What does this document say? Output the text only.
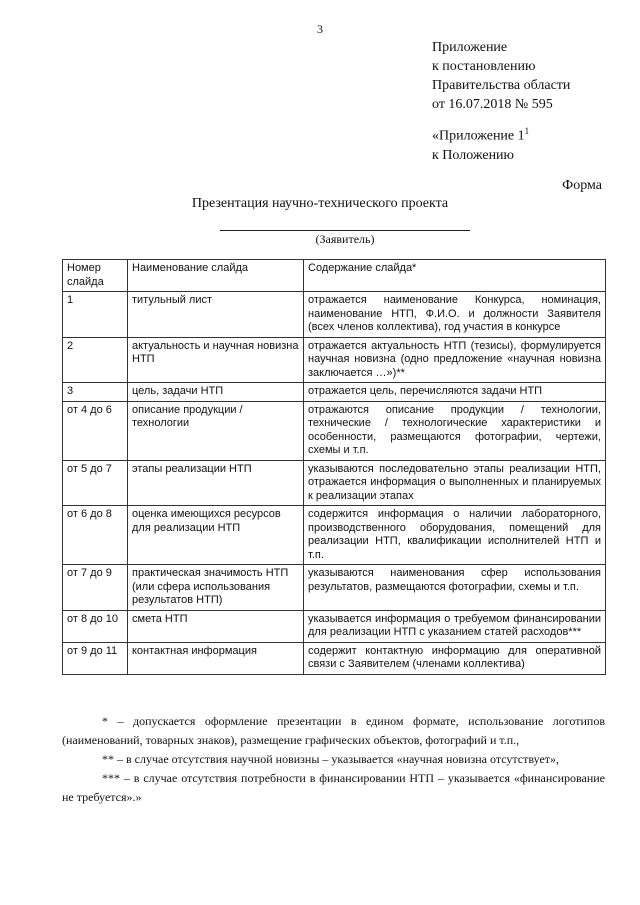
3
Приложение
к постановлению
Правительства области
от 16.07.2018 № 595
«Приложение $1^1$
к Положению
Форма
Презентация научно-технического проекта
(Заявитель)
Номер слайда	Наименование слайда	Содержание слайда*
1	титульный лист	отражается наименование Конкурса, номинация, наименование НТП, Ф.И.О. и должности Заявителя (всех членов коллектива), год участия в конкурсе
2	актуальность и научная новизна НТП	отражается актуальность НТП (тезисы), формулируется научная новизна (одно предложение «научная новизна заключается …»)**
3	цель, задачи НТП	отражается цель, перечисляются задачи НТП
от 4 до 6	описание продукции / технологии	отражаются описание продукции / технологии, технические / технологические характеристики и особенности, размещаются фотографии, чертежи, схемы и т.п.
от 5 до 7	этапы реализации НТП	указываются последовательно этапы реализации НТП, отражается информация о выполненных и планируемых к реализации этапах
от 6 до 8	оценка имеющихся ресурсов для реализации НТП	содержится информация о наличии лабораторного, производственного оборудования, помещений для реализации НТП, квалификации исполнителей НТП и т.п.
от 7 до 9	практическая значимость НТП (или сфера использования результатов НТП)	указываются наименования сфер использования результатов, размещаются фотографии, схемы и т.п.
от 8 до 10	смета НТП	указывается информация о требуемом финансировании для реализации НТП с указанием статей расходов***
от 9 до 11	контактная информация	содержит контактную информацию для оперативной связи с Заявителем (членами коллектива)

* – допускается оформление презентации в едином формате, использование логотипов (наименований, товарных знаков), размещение графических объектов, фотографий и т.п.,

** – в случае отсутствия научной новизны – указывается «научная новизна отсутствует»,

*** – в случае отсутствия потребности в финансировании НТП – указывается «финансирование не требуется».»
